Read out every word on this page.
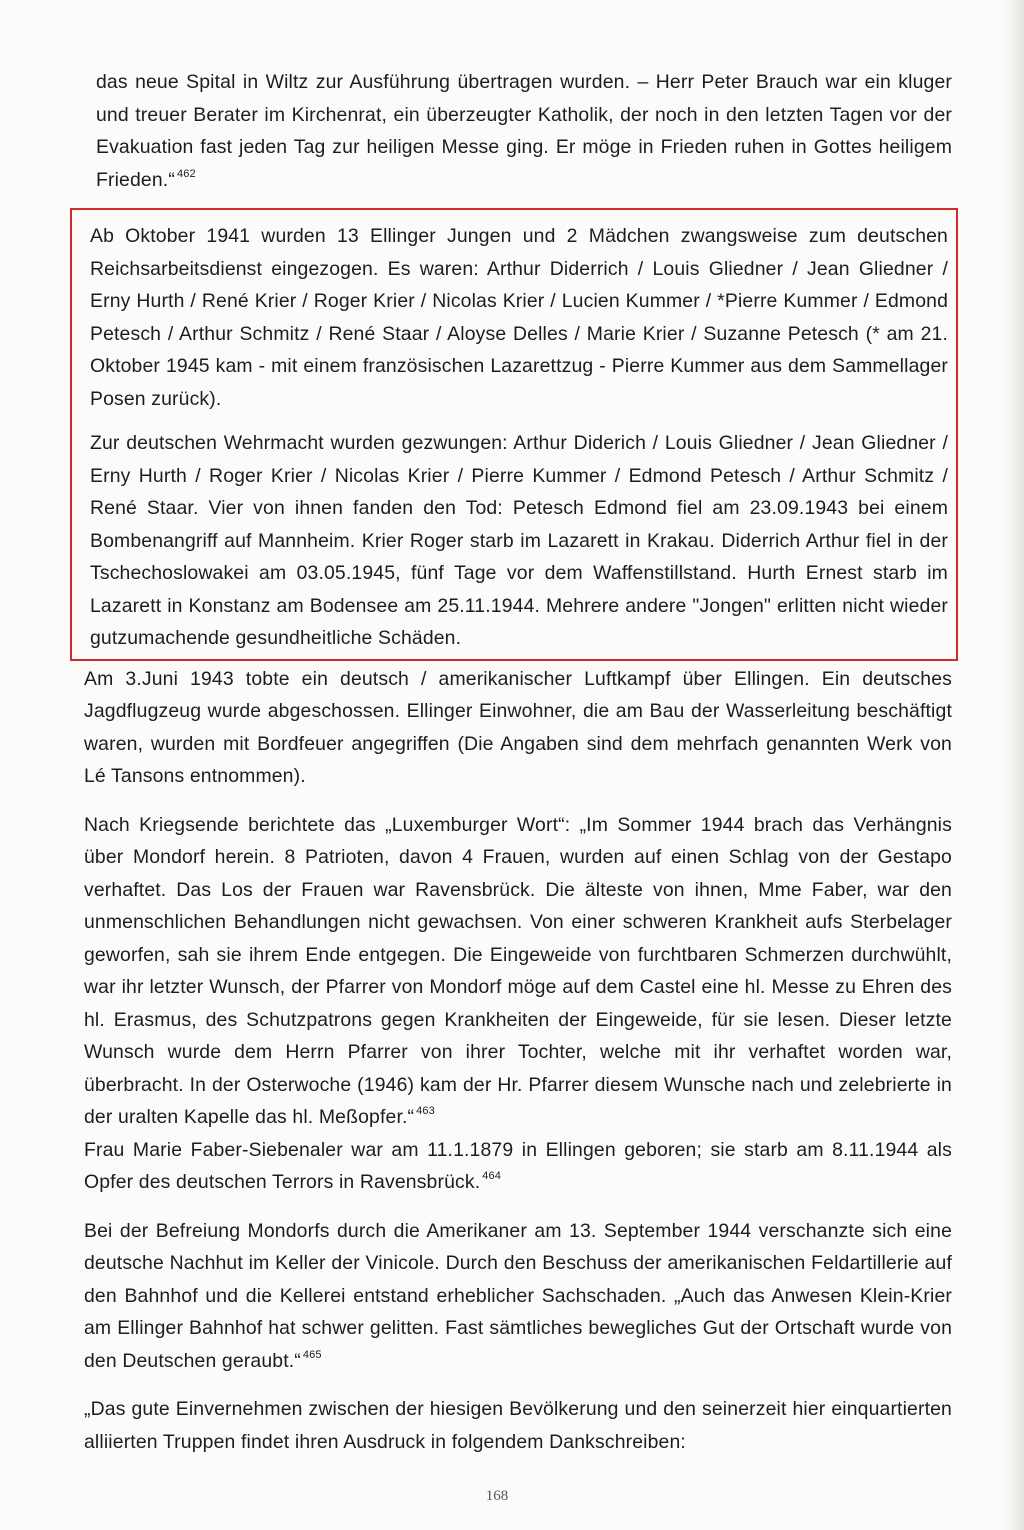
das neue Spital in Wiltz zur Ausführung übertragen wurden. – Herr Peter Brauch war ein kluger und treuer Berater im Kirchenrat, ein überzeugter Katholik, der noch in den letzten Tagen vor der Evakuation fast jeden Tag zur heiligen Messe ging. Er möge in Frieden ruhen in Gottes heiligem Frieden.“ $^{462}$

Ab Oktober 1941 wurden 13 Ellinger Jungen und 2 Mädchen zwangsweise zum deutschen Reichsarbeitsdienst eingezogen. Es waren: Arthur Diderrich / Louis Gliedner / Jean Gliedner / Erny Hurth / René Krier / Roger Krier / Nicolas Krier / Lucien Kummer / *Pierre Kummer / Edmond Petesch / Arthur Schmitz / René Staar / Aloyse Delles / Marie Krier / Suzanne Petesch (* am 21. Oktober 1945 kam - mit einem französischen Lazarettzug - Pierre Kummer aus dem Sammellager Posen zurück).

Zur deutschen Wehrmacht wurden gezwungen: Arthur Diderich / Louis Gliedner / Jean Gliedner / Erny Hurth / Roger Krier / Nicolas Krier / Pierre Kummer / Edmond Petesch / Arthur Schmitz / René Staar. Vier von ihnen fanden den Tod: Petesch Edmond fiel am 23.09.1943 bei einem Bombenangriff auf Mannheim. Krier Roger starb im Lazarett in Krakau. Diderrich Arthur fiel in der Tschechoslowakei am 03.05.1945, fünf Tage vor dem Waffenstillstand. Hurth Ernest starb im Lazarett in Konstanz am Bodensee am 25.11.1944. Mehrere andere "Jongen" erlitten nicht wieder gutzumachende gesundheitliche Schäden.

Am 3.Juni 1943 tobte ein deutsch / amerikanischer Luftkampf über Ellingen. Ein deutsches Jagdflugzeug wurde abgeschossen. Ellinger Einwohner, die am Bau der Wasserleitung beschäftigt waren, wurden mit Bordfeuer angegriffen (Die Angaben sind dem mehrfach genannten Werk von Lé Tansons entnommen).

Nach Kriegsende berichtete das „Luxemburger Wort“: „Im Sommer 1944 brach das Verhängnis über Mondorf herein. 8 Patrioten, davon 4 Frauen, wurden auf einen Schlag von der Gestapo verhaftet. Das Los der Frauen war Ravensbrück. Die älteste von ihnen, Mme Faber, war den unmenschlichen Behandlungen nicht gewachsen. Von einer schweren Krankheit aufs Sterbelager geworfen, sah sie ihrem Ende entgegen. Die Eingeweide von furchtbaren Schmerzen durchwühlt, war ihr letzter Wunsch, der Pfarrer von Mondorf möge auf dem Castel eine hl. Messe zu Ehren des hl. Erasmus, des Schutzpatrons gegen Krankheiten der Eingeweide, für sie lesen. Dieser letzte Wunsch wurde dem Herrn Pfarrer von ihrer Tochter, welche mit ihr verhaftet worden war, überbracht. In der Osterwoche (1946) kam der Hr. Pfarrer diesem Wunsche nach und zelebrierte in der uralten Kapelle das hl. Meßopfer.“ $^{463}$

Frau Marie Faber-Siebenaler war am 11.1.1879 in Ellingen geboren; sie starb am 8.11.1944 als Opfer des deutschen Terrors in Ravensbrück. $^{464}$

Bei der Befreiung Mondorfs durch die Amerikaner am 13. September 1944 verschanzte sich eine deutsche Nachhut im Keller der Vinicole. Durch den Beschuss der amerikanischen Feldartillerie auf den Bahnhof und die Kellerei entstand erheblicher Sachschaden. „Auch das Anwesen Klein-Krier am Ellinger Bahnhof hat schwer gelitten. Fast sämtliches bewegliches Gut der Ortschaft wurde von den Deutschen geraubt.“ $^{465}$

„Das gute Einvernehmen zwischen der hiesigen Bevölkerung und den seinerzeit hier einquartierten alliierten Truppen findet ihren Ausdruck in folgendem Dankschreiben:

168
